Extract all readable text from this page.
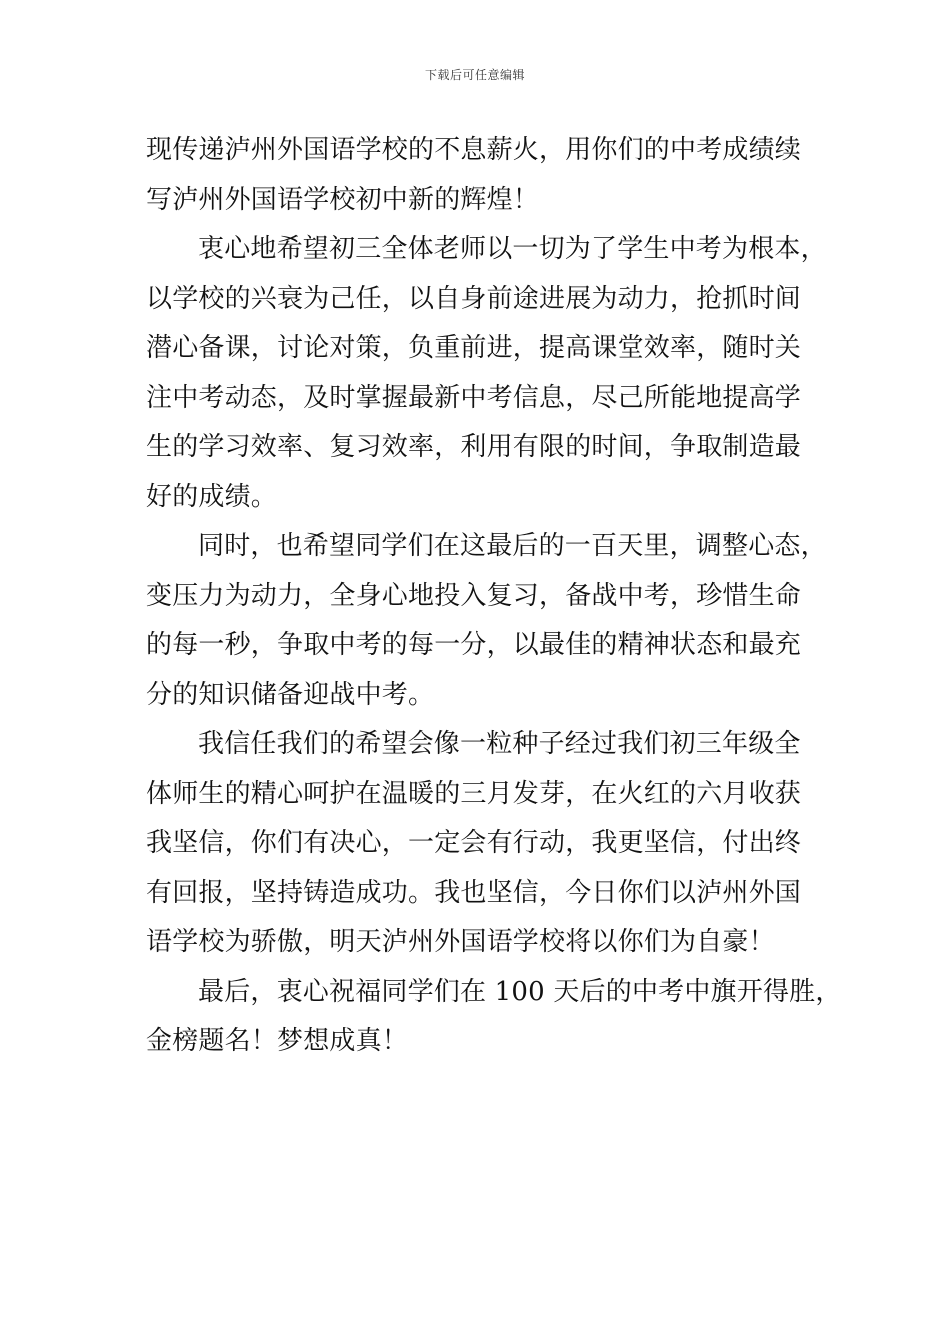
下载后可任意编辑
现传递泸州外国语学校的不息薪火，用你们的中考成绩续
写泸州外国语学校初中新的辉煌！
衷心地希望初三全体老师以一切为了学生中考为根本，
以学校的兴衰为己任，以自身前途进展为动力，抢抓时间
潜心备课，讨论对策，负重前进，提高课堂效率，随时关
注中考动态，及时掌握最新中考信息，尽己所能地提高学
生的学习效率、复习效率，利用有限的时间，争取制造最
好的成绩。
同时，也希望同学们在这最后的一百天里，调整心态，
变压力为动力，全身心地投入复习，备战中考，珍惜生命
的每一秒，争取中考的每一分，以最佳的精神状态和最充
分的知识储备迎战中考。
我信任我们的希望会像一粒种子经过我们初三年级全
体师生的精心呵护在温暖的三月发芽，在火红的六月收获
我坚信，你们有决心，一定会有行动，我更坚信，付出终
有回报，坚持铸造成功。我也坚信，今日你们以泸州外国
语学校为骄傲，明天泸州外国语学校将以你们为自豪！
最后，衷心祝福同学们在 100 天后的中考中旗开得胜，
金榜题名！梦想成真！
